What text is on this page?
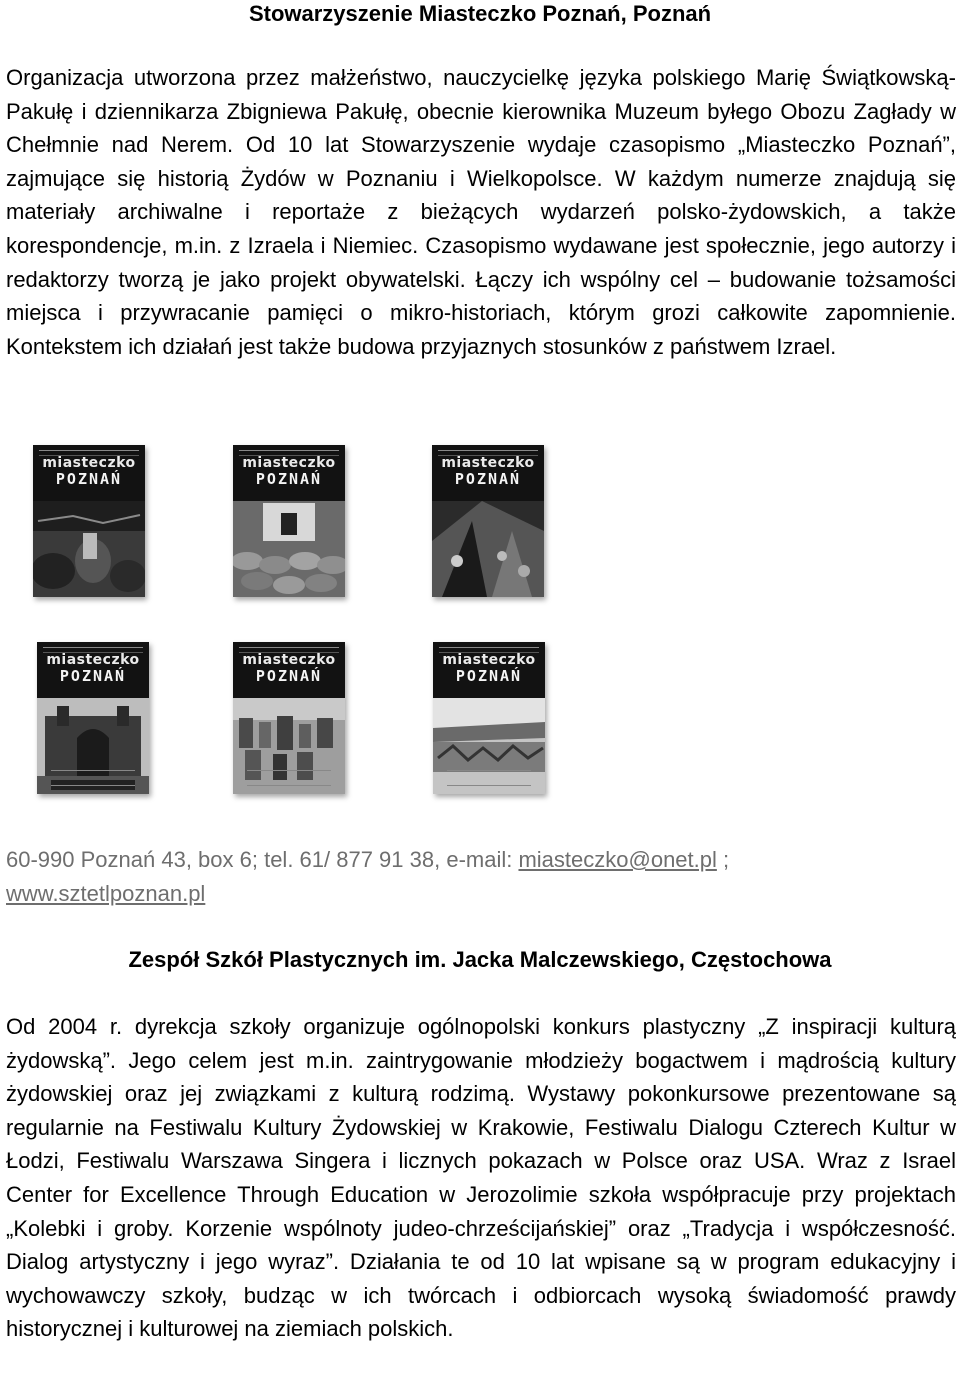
Stowarzyszenie Miasteczko Poznań, Poznań

Organizacja utworzona przez małżeństwo, nauczycielkę języka polskiego Marię Świątkowską-Pakułę i dziennikarza Zbigniewa Pakułę, obecnie kierownika Muzeum byłego Obozu Zagłady w Chełmnie nad Nerem. Od 10 lat Stowarzyszenie wydaje czasopismo „Miasteczko Poznań”, zajmujące się historią Żydów w Poznaniu i Wielkopolsce. W każdym numerze znajdują się materiały archiwalne i reportaże z bieżących wydarzeń polsko-żydowskich, a także korespondencje, m.in. z Izraela i Niemiec. Czasopismo wydawane jest społecznie, jego autorzy i redaktorzy tworzą je jako projekt obywatelski. Łączy ich wspólny cel – budowanie tożsamości miejsca i przywracanie pamięci o mikro-historiach, którym grozi całkowite zapomnienie. Kontekstem ich działań jest także budowa przyjaznych stosunków z państwem Izrael.

miasteczko
POZNAŃ
miasteczko
POZNAŃ
miasteczko
POZNAŃ
miasteczko
POZNAŃ
miasteczko
POZNAŃ
miasteczko
POZNAŃ

60-990 Poznań 43, box 6; tel. 61/ 877 91 38, e-mail: miasteczko@onet.pl ;
www.sztetlpoznan.pl

Zespół Szkół Plastycznych im. Jacka Malczewskiego, Częstochowa

Od 2004 r. dyrekcja szkoły organizuje ogólnopolski konkurs plastyczny „Z inspiracji kulturą żydowską”. Jego celem jest m.in. zaintrygowanie młodzieży bogactwem i mądrością kultury żydowskiej oraz jej związkami z kulturą rodzimą. Wystawy pokonkursowe prezentowane są regularnie na Festiwalu Kultury Żydowskiej w Krakowie, Festiwalu Dialogu Czterech Kultur w Łodzi, Festiwalu Warszawa Singera i licznych pokazach w Polsce oraz USA. Wraz z Israel Center for Excellence Through Education w Jerozolimie szkoła współpracuje przy projektach „Kolebki i groby. Korzenie wspólnoty judeo-chrześcijańskiej” oraz „Tradycja i współczesność. Dialog artystyczny i jego wyraz”. Działania te od 10 lat wpisane są w program edukacyjny i wychowawczy szkoły, budząc w ich twórcach i odbiorcach wysoką świadomość prawdy historycznej i kulturowej na ziemiach polskich.
